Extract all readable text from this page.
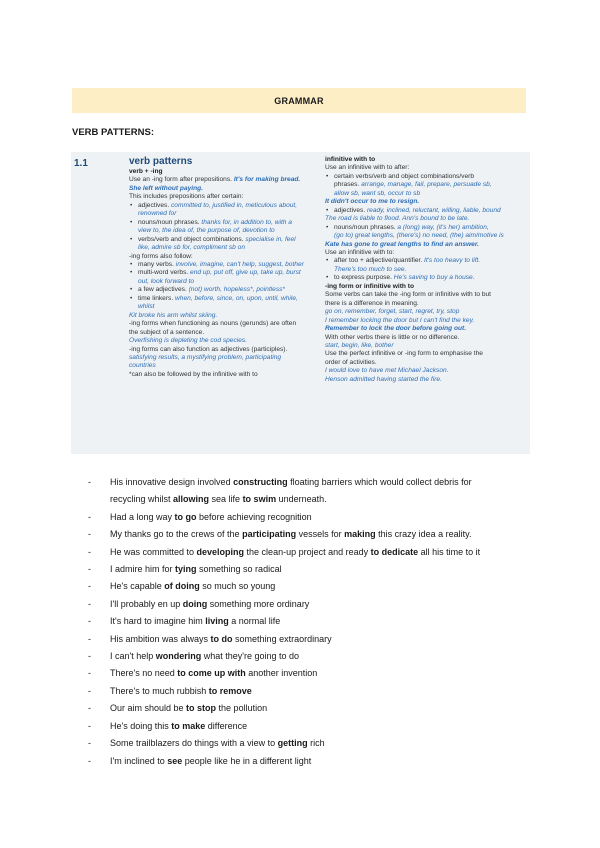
GRAMMAR
VERB PATTERNS:
1.1	verb patterns
verb + -ing
Use an -ing form after prepositions. It's for making bread.
She left without paying.
This includes prepositions after certain:
• adjectives. committed to, justified in, meticulous about,
renowned for
• nouns/noun phrases. thanks for, in addition to, with a
view to, the idea of, the purpose of, devotion to
• verbs/verb and object combinations. specialise in, feel
like, admire sb for, compliment sb on
-ing forms also follow:
• many verbs. involve, imagine, can't help, suggest, bother
• multi-word verbs. end up, put off, give up, take up, burst
out, look forward to
• a few adjectives. (not) worth, hopeless*, pointless*
• time linkers. when, before, since, on, upon, until, while,
whilst
Kit broke his arm whilst skiing.
-ing forms when functioning as nouns (gerunds) are often
the subject of a sentence.
Overfishing is depleting the cod species.
-ing forms can also function as adjectives (participles).
satisfying results, a mystifying problem, participating
countries
*can also be followed by the infinitive with to
infinitive with to
Use an infinitive with to after:
• certain verbs/verb and object combinations/verb
phrases. arrange, manage, fail, prepare, persuade sb,
allow sb, want sb, occur to sb
It didn't occur to me to resign.
• adjectives. ready, inclined, reluctant, willing, liable, bound
The road is liable to flood. Ann's bound to be late.
• nouns/noun phrases. a (long) way, (it's her) ambition,
(go to) great lengths, (there's) no need, (the) aim/motive is
Kate has gone to great lengths to find an answer.
Use an infinitive with to:
• after too + adjective/quantifier. It's too heavy to lift.
There's too much to see.
• to express purpose. He's saving to buy a house.
-ing form or infinitive with to
Some verbs can take the -ing form or infinitive with to but
there is a difference in meaning.
go on, remember, forget, start, regret, try, stop
I remember locking the door but I can't find the key.
Remember to lock the door before going out.
With other verbs there is little or no difference.
start, begin, like, bother
Use the perfect infinitive or -ing form to emphasise the
order of activities.
I would love to have met Michael Jackson.
Henson admitted having started the fire.
-	His innovative design involved constructing floating barriers which would collect debris for
recycling whilst allowing sea life to swim underneath.
-	Had a long way to go before achieving recognition
-	My thanks go to the crews of the participating vessels for making this crazy idea a reality.
-	He was committed to developing the clean-up project and ready to dedicate all his time to it
-	I admire him for tying something so radical
-	He's capable of doing so much so young
-	I'll probably en up doing something more ordinary
-	It's hard to imagine him living a normal life
-	His ambition was always to do something extraordinary
-	I can't help wondering what they're going to do
-	There's no need to come up with another invention
-	There's to much rubbish to remove
-	Our aim should be to stop the pollution
-	He's doing this to make difference
-	Some trailblazers do things with a view to getting rich
-	I'm inclined to see people like he in a different light
